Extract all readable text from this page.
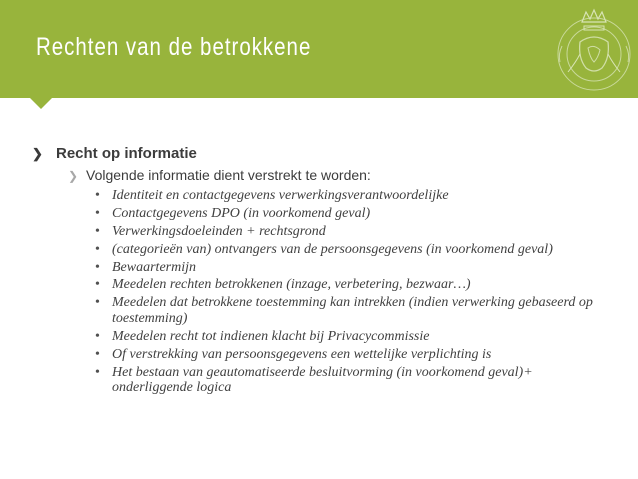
Rechten van de betrokkene
❯ Recht op informatie
❯ Volgende informatie dient verstrekt te worden:
• Identiteit en contactgegevens verwerkingsverantwoordelijke
• Contactgegevens DPO (in voorkomend geval)
• Verwerkingsdoeleinden + rechtsgrond
• (categorieën van) ontvangers van de persoonsgegevens (in voorkomend geval)
• Bewaartermijn
• Meedelen rechten betrokkenen (inzage, verbetering, bezwaar…)
• Meedelen dat betrokkene toestemming kan intrekken (indien verwerking gebaseerd op toestemming)
• Meedelen recht tot indienen klacht bij Privacycommissie
• Of verstrekking van persoonsgegevens een wettelijke verplichting is
• Het bestaan van geautomatiseerde besluitvorming (in voorkomend geval)+ onderliggende logica
